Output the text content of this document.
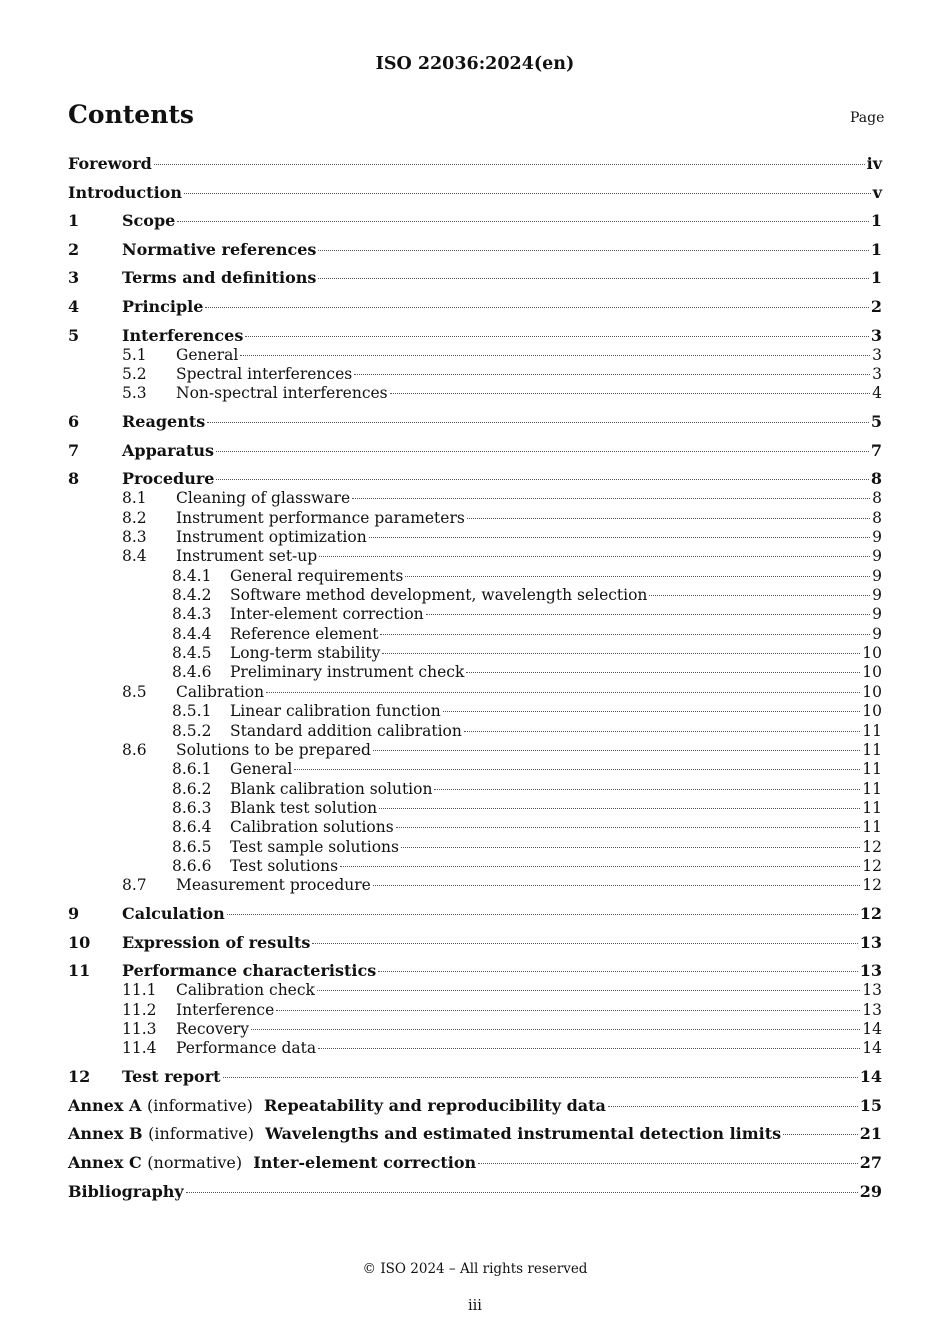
ISO 22036:2024(en)
Contents	Page
Foreword	iv
Introduction	v
1	Scope	1
2	Normative references	1
3	Terms and definitions	1
4	Principle	2
5	Interferences	3
5.1 General	3
5.2 Spectral interferences	3
5.3 Non-spectral interferences	4
6	Reagents	5
7	Apparatus	7
8	Procedure	8
8.1 Cleaning of glassware	8
8.2 Instrument performance parameters	8
8.3 Instrument optimization	9
8.4 Instrument set-up	9
8.4.1 General requirements	9
8.4.2 Software method development, wavelength selection	9
8.4.3 Inter-element correction	9
8.4.4 Reference element	9
8.4.5 Long-term stability	10
8.4.6 Preliminary instrument check	10
8.5 Calibration	10
8.5.1 Linear calibration function	10
8.5.2 Standard addition calibration	11
8.6 Solutions to be prepared	11
8.6.1 General	11
8.6.2 Blank calibration solution	11
8.6.3 Blank test solution	11
8.6.4 Calibration solutions	11
8.6.5 Test sample solutions	12
8.6.6 Test solutions	12
8.7 Measurement procedure	12
9	Calculation	12
10 Expression of results	13
11 Performance characteristics	13
11.1 Calibration check	13
11.2 Interference	13
11.3 Recovery	14
11.4 Performance data	14
12 Test report	14
Annex A (informative) Repeatability and reproducibility data	15
Annex B (informative) Wavelengths and estimated instrumental detection limits	21
Annex C (normative) Inter-element correction	27
Bibliography	29
© ISO 2024 – All rights reserved
iii
